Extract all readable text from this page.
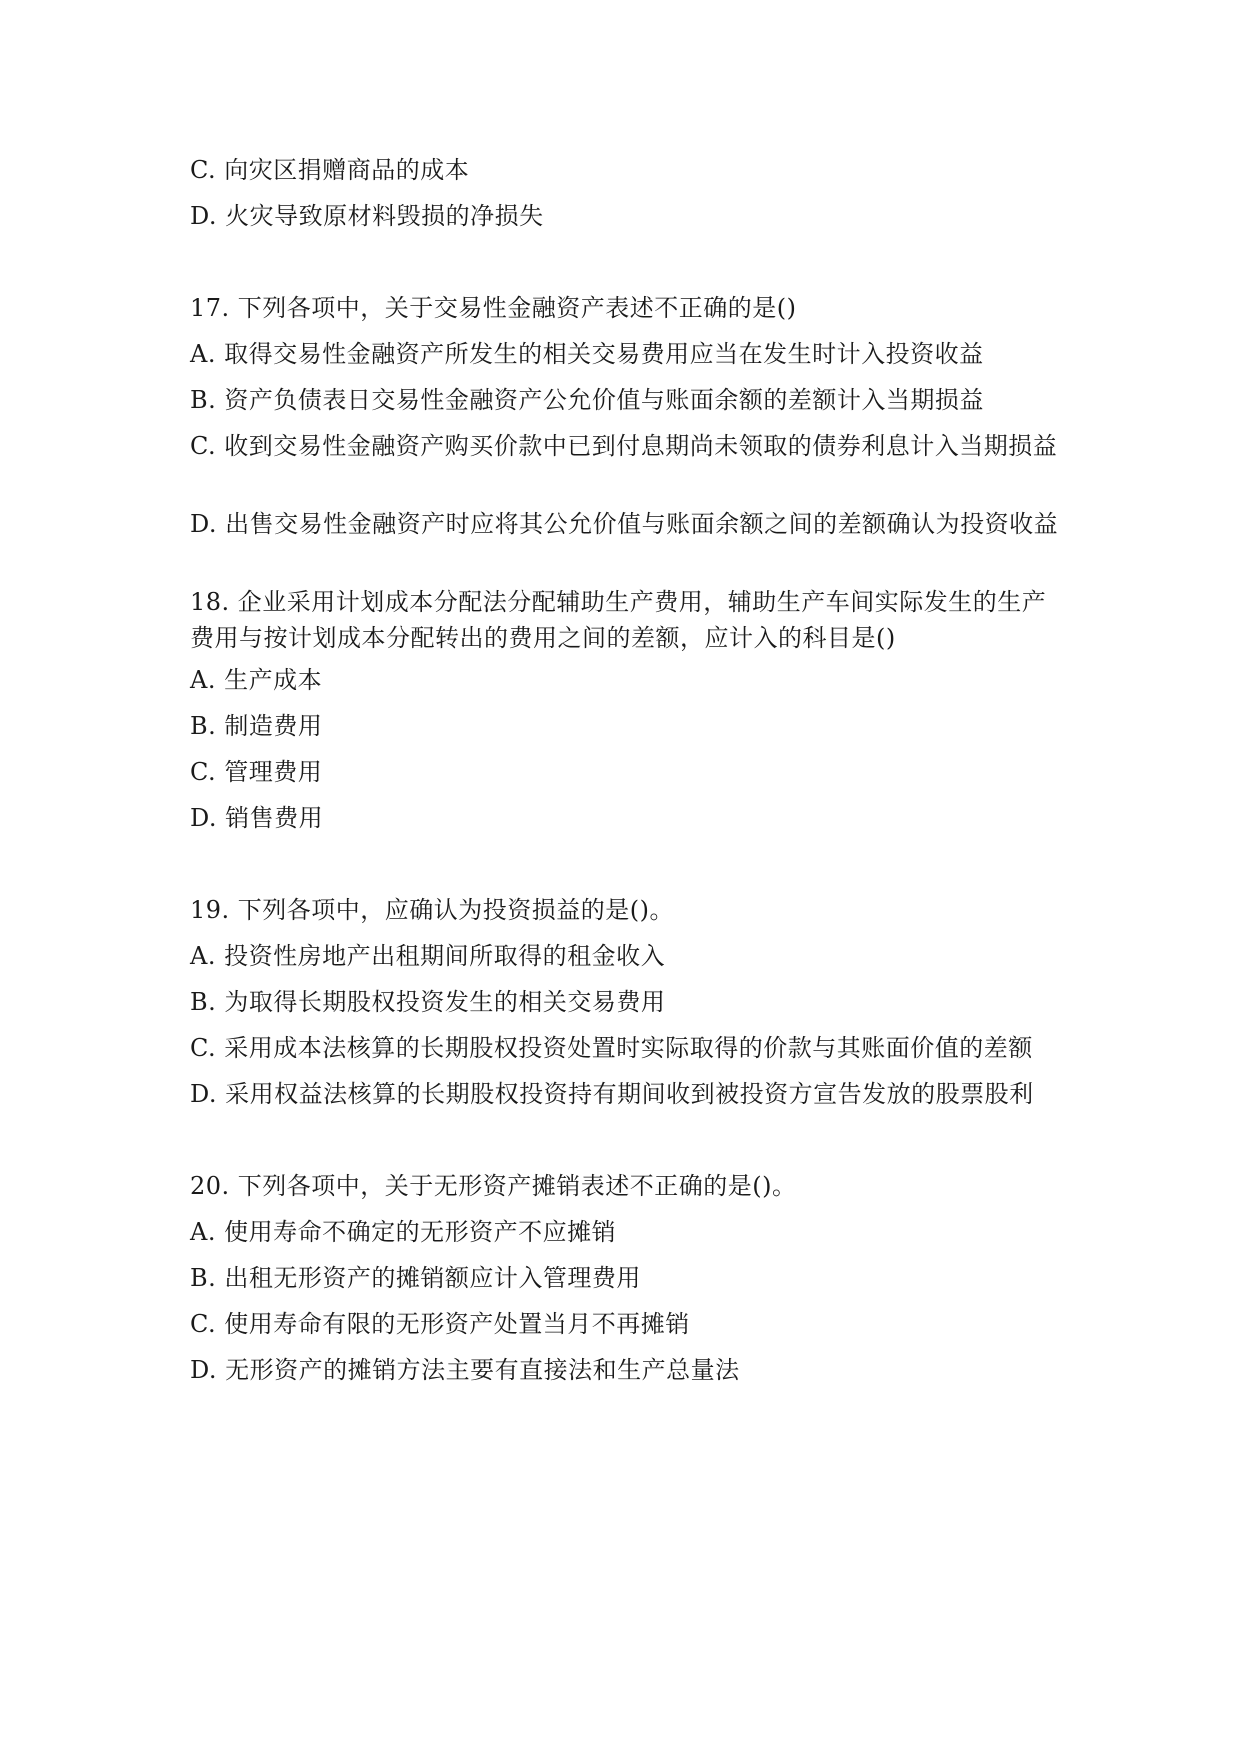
C. 向灾区捐赠商品的成本
D. 火灾导致原材料毁损的净损失
17. 下列各项中，关于交易性金融资产表述不正确的是()
A. 取得交易性金融资产所发生的相关交易费用应当在发生时计入投资收益
B. 资产负债表日交易性金融资产公允价值与账面余额的差额计入当期损益
C. 收到交易性金融资产购买价款中已到付息期尚未领取的债券利息计入当期损益
D. 出售交易性金融资产时应将其公允价值与账面余额之间的差额确认为投资收益
18. 企业采用计划成本分配法分配辅助生产费用，辅助生产车间实际发生的生产费用与按计划成本分配转出的费用之间的差额，应计入的科目是()
A. 生产成本
B. 制造费用
C. 管理费用
D. 销售费用
19. 下列各项中，应确认为投资损益的是()。
A. 投资性房地产出租期间所取得的租金收入
B. 为取得长期股权投资发生的相关交易费用
C. 采用成本法核算的长期股权投资处置时实际取得的价款与其账面价值的差额
D. 采用权益法核算的长期股权投资持有期间收到被投资方宣告发放的股票股利
20. 下列各项中，关于无形资产摊销表述不正确的是()。
A. 使用寿命不确定的无形资产不应摊销
B. 出租无形资产的摊销额应计入管理费用
C. 使用寿命有限的无形资产处置当月不再摊销
D. 无形资产的摊销方法主要有直接法和生产总量法
